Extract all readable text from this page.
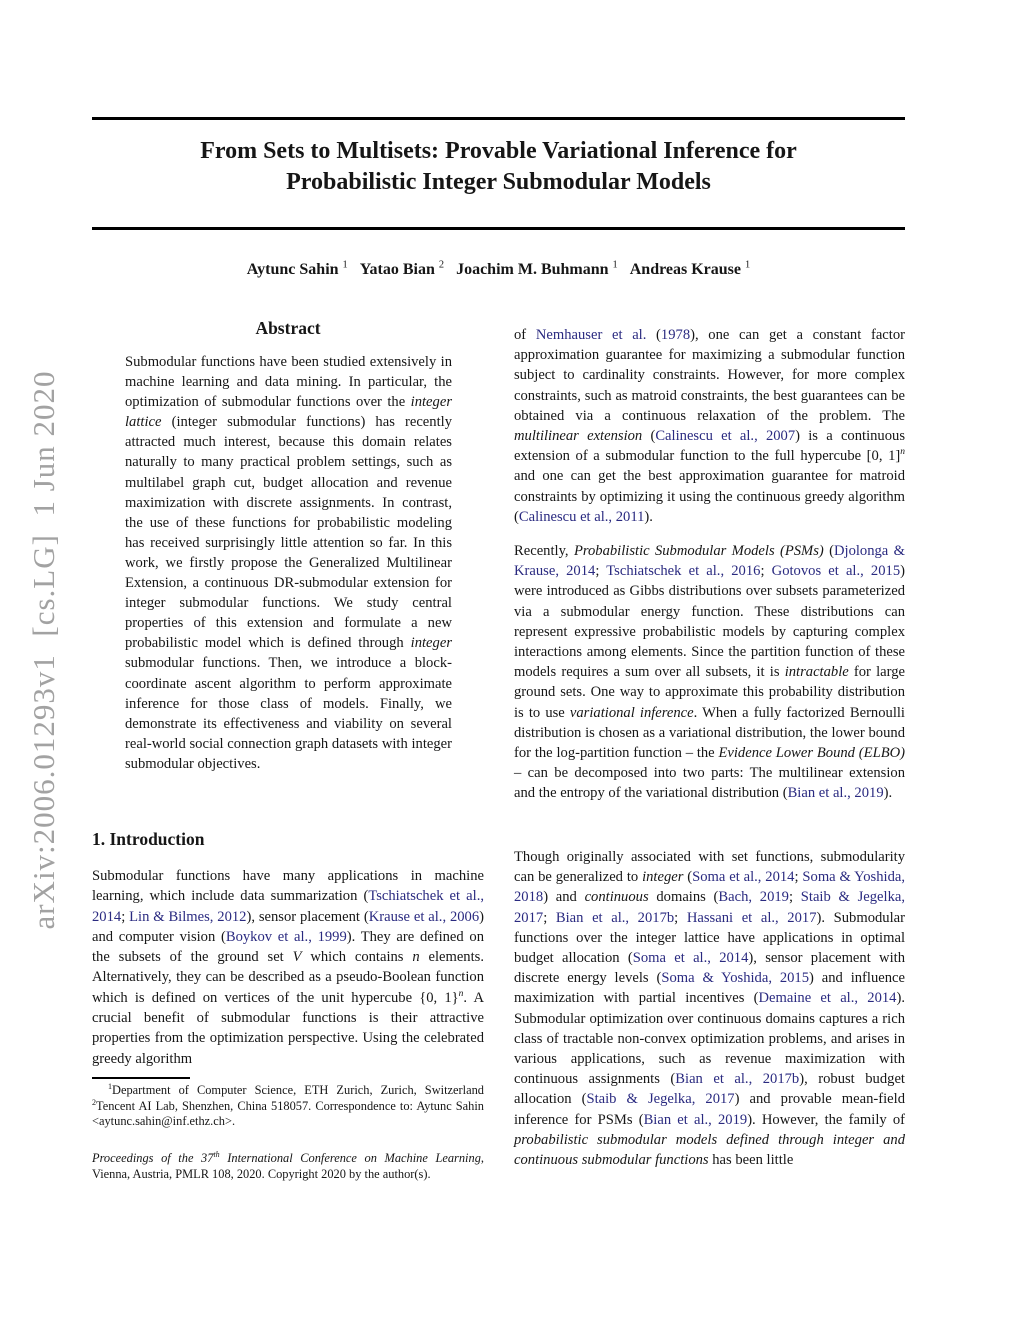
arXiv:2006.01293v1  [cs.LG]  1 Jun 2020
From Sets to Multisets: Provable Variational Inference for
Probabilistic Integer Submodular Models
Aytunc Sahin $^1$ Yatao Bian $^2$ Joachim M. Buhmann $^1$ Andreas Krause $^1$
Abstract
Submodular functions have been studied extensively in machine learning and data mining. In particular, the optimization of submodular functions over the integer lattice (integer submodular functions) has recently attracted much interest, because this domain relates naturally to many practical problem settings, such as multilabel graph cut, budget allocation and revenue maximization with discrete assignments. In contrast, the use of these functions for probabilistic modeling has received surprisingly little attention so far. In this work, we firstly propose the Generalized Multilinear Extension, a continuous DR-submodular extension for integer submodular functions. We study central properties of this extension and formulate a new probabilistic model which is defined through integer submodular functions. Then, we introduce a block-coordinate ascent algorithm to perform approximate inference for those class of models. Finally, we demonstrate its effectiveness and viability on several real-world social connection graph datasets with integer submodular objectives.
1. Introduction
Submodular functions have many applications in machine learning, which include data summarization (Tschiatschek et al., 2014; Lin & Bilmes, 2012), sensor placement (Krause et al., 2006) and computer vision (Boykov et al., 1999). They are defined on the subsets of the ground set V which contains n elements. Alternatively, they can be described as a pseudo-Boolean function which is defined on vertices of the unit hypercube {0, 1}$^n$. A crucial benefit of submodular functions is their attractive properties from the optimization perspective. Using the celebrated greedy algorithm
$^1$Department of Computer Science, ETH Zurich, Zurich, Switzerland $^2$Tencent AI Lab, Shenzhen, China 518057. Correspondence to: Aytunc Sahin <aytunc.sahin@inf.ethz.ch>.
Proceedings of the 37th International Conference on Machine Learning, Vienna, Austria, PMLR 108, 2020. Copyright 2020 by the author(s).
of Nemhauser et al. (1978), one can get a constant factor approximation guarantee for maximizing a submodular function subject to cardinality constraints. However, for more complex constraints, such as matroid constraints, the best guarantees can be obtained via a continuous relaxation of the problem. The multilinear extension (Calinescu et al., 2007) is a continuous extension of a submodular function to the full hypercube [0, 1]$^n$ and one can get the best approximation guarantee for matroid constraints by optimizing it using the continuous greedy algorithm (Calinescu et al., 2011).
Recently, Probabilistic Submodular Models (PSMs) (Djolonga & Krause, 2014; Tschiatschek et al., 2016; Gotovos et al., 2015) were introduced as Gibbs distributions over subsets parameterized via a submodular energy function. These distributions can represent expressive probabilistic models by capturing complex interactions among elements. Since the partition function of these models requires a sum over all subsets, it is intractable for large ground sets. One way to approximate this probability distribution is to use variational inference. When a fully factorized Bernoulli distribution is chosen as a variational distribution, the lower bound for the log-partition function – the Evidence Lower Bound (ELBO) – can be decomposed into two parts: The multilinear extension and the entropy of the variational distribution (Bian et al., 2019).
Though originally associated with set functions, submodularity can be generalized to integer (Soma et al., 2014; Soma & Yoshida, 2018) and continuous domains (Bach, 2019; Staib & Jegelka, 2017; Bian et al., 2017b; Hassani et al., 2017). Submodular functions over the integer lattice have applications in optimal budget allocation (Soma et al., 2014), sensor placement with discrete energy levels (Soma & Yoshida, 2015) and influence maximization with partial incentives (Demaine et al., 2014). Submodular optimization over continuous domains captures a rich class of tractable non-convex optimization problems, and arises in various applications, such as revenue maximization with continuous assignments (Bian et al., 2017b), robust budget allocation (Staib & Jegelka, 2017) and provable mean-field inference for PSMs (Bian et al., 2019). However, the family of probabilistic submodular models defined through integer and continuous submodular functions has been little
